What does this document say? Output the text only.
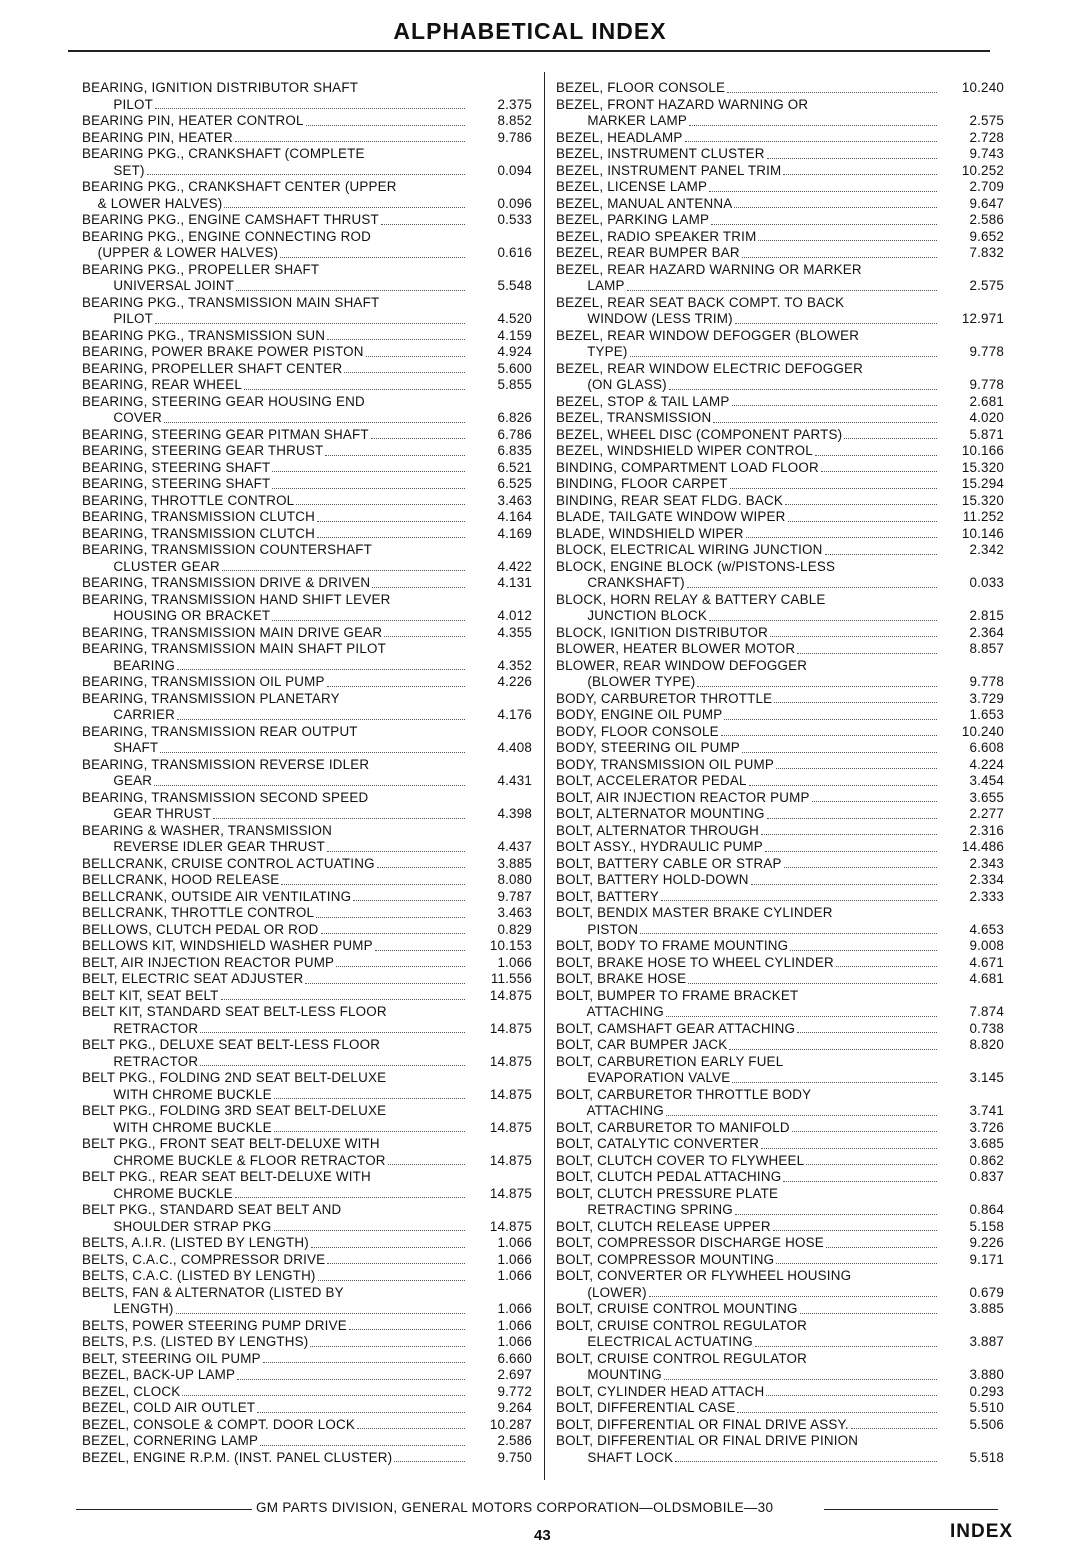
ALPHABETICAL INDEX
BEARING, IGNITION DISTRIBUTOR SHAFT
PILOT	2.375
BEARING PIN, HEATER CONTROL	8.852
BEARING PIN, HEATER	9.786
BEARING PKG., CRANKSHAFT (COMPLETE
SET)	0.094
BEARING PKG., CRANKSHAFT CENTER (UPPER
& LOWER HALVES)	0.096
BEARING PKG., ENGINE CAMSHAFT THRUST	0.533
BEARING PKG., ENGINE CONNECTING ROD
(UPPER & LOWER HALVES)	0.616
BEARING PKG., PROPELLER SHAFT
UNIVERSAL JOINT	5.548
BEARING PKG., TRANSMISSION MAIN SHAFT
PILOT	4.520
BEARING PKG., TRANSMISSION SUN	4.159
BEARING, POWER BRAKE POWER PISTON	4.924
BEARING, PROPELLER SHAFT CENTER	5.600
BEARING, REAR WHEEL	5.855
BEARING, STEERING GEAR HOUSING END
COVER	6.826
BEARING, STEERING GEAR PITMAN SHAFT	6.786
BEARING, STEERING GEAR THRUST	6.835
BEARING, STEERING SHAFT	6.521
BEARING, STEERING SHAFT	6.525
BEARING, THROTTLE CONTROL	3.463
BEARING, TRANSMISSION CLUTCH	4.164
BEARING, TRANSMISSION CLUTCH	4.169
BEARING, TRANSMISSION COUNTERSHAFT
CLUSTER GEAR	4.422
BEARING, TRANSMISSION DRIVE & DRIVEN	4.131
BEARING, TRANSMISSION HAND SHIFT LEVER
HOUSING OR BRACKET	4.012
BEARING, TRANSMISSION MAIN DRIVE GEAR	4.355
BEARING, TRANSMISSION MAIN SHAFT PILOT
BEARING	4.352
BEARING, TRANSMISSION OIL PUMP	4.226
BEARING, TRANSMISSION PLANETARY
CARRIER	4.176
BEARING, TRANSMISSION REAR OUTPUT
SHAFT	4.408
BEARING, TRANSMISSION REVERSE IDLER
GEAR	4.431
BEARING, TRANSMISSION SECOND SPEED
GEAR THRUST	4.398
BEARING & WASHER, TRANSMISSION
REVERSE IDLER GEAR THRUST	4.437
BELLCRANK, CRUISE CONTROL ACTUATING	3.885
BELLCRANK, HOOD RELEASE	8.080
BELLCRANK, OUTSIDE AIR VENTILATING	9.787
BELLCRANK, THROTTLE CONTROL	3.463
BELLOWS, CLUTCH PEDAL OR ROD	0.829
BELLOWS KIT, WINDSHIELD WASHER PUMP	10.153
BELT, AIR INJECTION REACTOR PUMP	1.066
BELT, ELECTRIC SEAT ADJUSTER	11.556
BELT KIT, SEAT BELT	14.875
BELT KIT, STANDARD SEAT BELT-LESS FLOOR
RETRACTOR	14.875
BELT PKG., DELUXE SEAT BELT-LESS FLOOR
RETRACTOR	14.875
BELT PKG., FOLDING 2ND SEAT BELT-DELUXE
WITH CHROME BUCKLE	14.875
BELT PKG., FOLDING 3RD SEAT BELT-DELUXE
WITH CHROME BUCKLE	14.875
BELT PKG., FRONT SEAT BELT-DELUXE WITH
CHROME BUCKLE & FLOOR RETRACTOR	14.875
BELT PKG., REAR SEAT BELT-DELUXE WITH
CHROME BUCKLE	14.875
BELT PKG., STANDARD SEAT BELT AND
SHOULDER STRAP PKG	14.875
BELTS, A.I.R. (LISTED BY LENGTH)	1.066
BELTS, C.A.C., COMPRESSOR DRIVE	1.066
BELTS, C.A.C. (LISTED BY LENGTH)	1.066
BELTS, FAN & ALTERNATOR (LISTED BY
LENGTH)	1.066
BELTS, POWER STEERING PUMP DRIVE	1.066
BELTS, P.S. (LISTED BY LENGTHS)	1.066
BELT, STEERING OIL PUMP	6.660
BEZEL, BACK-UP LAMP	2.697
BEZEL, CLOCK	9.772
BEZEL, COLD AIR OUTLET	9.264
BEZEL, CONSOLE & COMPT. DOOR LOCK	10.287
BEZEL, CORNERING LAMP	2.586
BEZEL, ENGINE R.P.M. (INST. PANEL CLUSTER)	9.750
BEZEL, FLOOR CONSOLE	10.240
BEZEL, FRONT HAZARD WARNING OR
MARKER LAMP	2.575
BEZEL, HEADLAMP	2.728
BEZEL, INSTRUMENT CLUSTER	9.743
BEZEL, INSTRUMENT PANEL TRIM	10.252
BEZEL, LICENSE LAMP	2.709
BEZEL, MANUAL ANTENNA	9.647
BEZEL, PARKING LAMP	2.586
BEZEL, RADIO SPEAKER TRIM	9.652
BEZEL, REAR BUMPER BAR	7.832
BEZEL, REAR HAZARD WARNING OR MARKER
LAMP	2.575
BEZEL, REAR SEAT BACK COMPT. TO BACK
WINDOW (LESS TRIM)	12.971
BEZEL, REAR WINDOW DEFOGGER (BLOWER
TYPE)	9.778
BEZEL, REAR WINDOW ELECTRIC DEFOGGER
(ON GLASS)	9.778
BEZEL, STOP & TAIL LAMP	2.681
BEZEL, TRANSMISSION	4.020
BEZEL, WHEEL DISC (COMPONENT PARTS)	5.871
BEZEL, WINDSHIELD WIPER CONTROL	10.166
BINDING, COMPARTMENT LOAD FLOOR	15.320
BINDING, FLOOR CARPET	15.294
BINDING, REAR SEAT FLDG. BACK	15.320
BLADE, TAILGATE WINDOW WIPER	11.252
BLADE, WINDSHIELD WIPER	10.146
BLOCK, ELECTRICAL WIRING JUNCTION	2.342
BLOCK, ENGINE BLOCK (w/PISTONS-LESS
CRANKSHAFT)	0.033
BLOCK, HORN RELAY & BATTERY CABLE
JUNCTION BLOCK	2.815
BLOCK, IGNITION DISTRIBUTOR	2.364
BLOWER, HEATER BLOWER MOTOR	8.857
BLOWER, REAR WINDOW DEFOGGER
(BLOWER TYPE)	9.778
BODY, CARBURETOR THROTTLE	3.729
BODY, ENGINE OIL PUMP	1.653
BODY, FLOOR CONSOLE	10.240
BODY, STEERING OIL PUMP	6.608
BODY, TRANSMISSION OIL PUMP	4.224
BOLT, ACCELERATOR PEDAL	3.454
BOLT, AIR INJECTION REACTOR PUMP	3.655
BOLT, ALTERNATOR MOUNTING	2.277
BOLT, ALTERNATOR THROUGH	2.316
BOLT ASSY., HYDRAULIC PUMP	14.486
BOLT, BATTERY CABLE OR STRAP	2.343
BOLT, BATTERY HOLD-DOWN	2.334
BOLT, BATTERY	2.333
BOLT, BENDIX MASTER BRAKE CYLINDER
PISTON	4.653
BOLT, BODY TO FRAME MOUNTING	9.008
BOLT, BRAKE HOSE TO WHEEL CYLINDER	4.671
BOLT, BRAKE HOSE	4.681
BOLT, BUMPER TO FRAME BRACKET
ATTACHING	7.874
BOLT, CAMSHAFT GEAR ATTACHING	0.738
BOLT, CAR BUMPER JACK	8.820
BOLT, CARBURETION EARLY FUEL
EVAPORATION VALVE	3.145
BOLT, CARBURETOR THROTTLE BODY
ATTACHING	3.741
BOLT, CARBURETOR TO MANIFOLD	3.726
BOLT, CATALYTIC CONVERTER	3.685
BOLT, CLUTCH COVER TO FLYWHEEL	0.862
BOLT, CLUTCH PEDAL ATTACHING	0.837
BOLT, CLUTCH PRESSURE PLATE
RETRACTING SPRING	0.864
BOLT, CLUTCH RELEASE UPPER	5.158
BOLT, COMPRESSOR DISCHARGE HOSE	9.226
BOLT, COMPRESSOR MOUNTING	9.171
BOLT, CONVERTER OR FLYWHEEL HOUSING
(LOWER)	0.679
BOLT, CRUISE CONTROL MOUNTING	3.885
BOLT, CRUISE CONTROL REGULATOR
ELECTRICAL ACTUATING	3.887
BOLT, CRUISE CONTROL REGULATOR
MOUNTING	3.880
BOLT, CYLINDER HEAD ATTACH	0.293
BOLT, DIFFERENTIAL CASE	5.510
BOLT, DIFFERENTIAL OR FINAL DRIVE ASSY.	5.506
BOLT, DIFFERENTIAL OR FINAL DRIVE PINION
SHAFT LOCK	5.518
GM PARTS DIVISION, GENERAL MOTORS CORPORATION—OLDSMOBILE—30
43	INDEX
